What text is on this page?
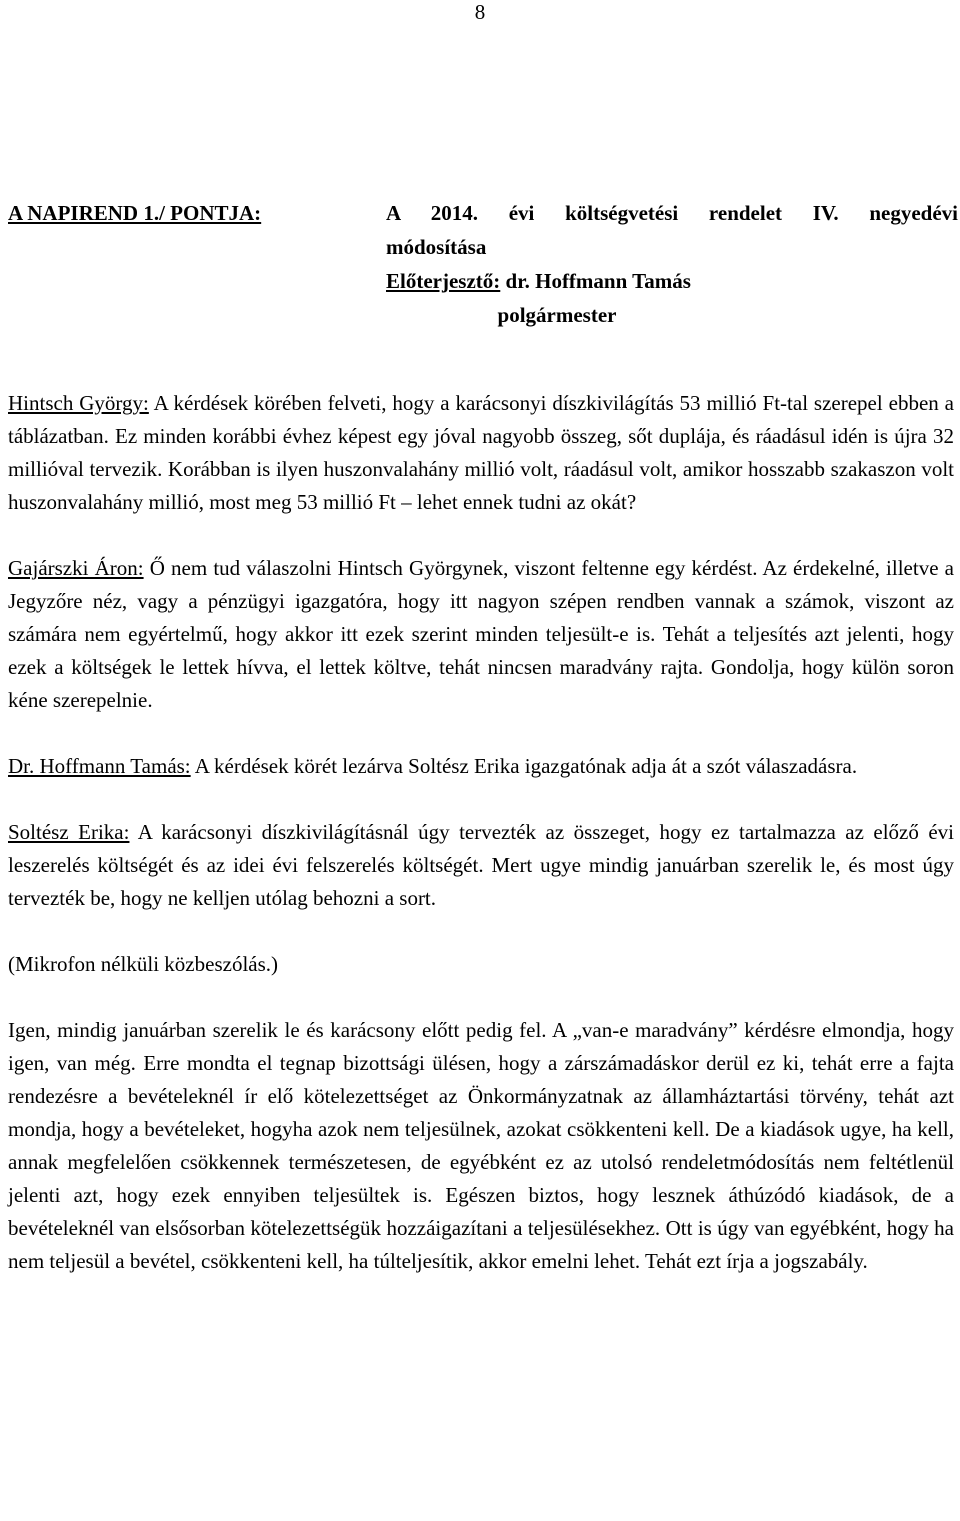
8
A NAPIREND 1./ PONTJA:	A 2014. évi költségvetési rendelet IV. negyedévi
módosítása
Előterjesztő: dr. Hoffmann Tamás
polgármester

Hintsch György: A kérdések körében felveti, hogy a karácsonyi díszkivilágítás 53 millió Ft-tal szerepel ebben a táblázatban. Ez minden korábbi évhez képest egy jóval nagyobb összeg, sőt duplája, és ráadásul idén is újra 32 millióval tervezik. Korábban is ilyen huszonvalahány millió volt, ráadásul volt, amikor hosszabb szakaszon volt huszonvalahány millió, most meg 53 millió Ft – lehet ennek tudni az okát?

Gajárszki Áron: Ő nem tud válaszolni Hintsch Györgynek, viszont feltenne egy kérdést. Az érdekelné, illetve a Jegyzőre néz, vagy a pénzügyi igazgatóra, hogy itt nagyon szépen rendben vannak a számok, viszont az számára nem egyértelmű, hogy akkor itt ezek szerint minden teljesült-e is. Tehát a teljesítés azt jelenti, hogy ezek a költségek le lettek hívva, el lettek költve, tehát nincsen maradvány rajta. Gondolja, hogy külön soron kéne szerepelnie.

Dr. Hoffmann Tamás: A kérdések körét lezárva Soltész Erika igazgatónak adja át a szót válaszadásra.

Soltész Erika: A karácsonyi díszkivilágításnál úgy tervezték az összeget, hogy ez tartalmazza az előző évi leszerelés költségét és az idei évi felszerelés költségét. Mert ugye mindig januárban szerelik le, és most úgy tervezték be, hogy ne kelljen utólag behozni a sort.

(Mikrofon nélküli közbeszólás.)

Igen, mindig januárban szerelik le és karácsony előtt pedig fel. A „van-e maradvány” kérdésre elmondja, hogy igen, van még. Erre mondta el tegnap bizottsági ülésen, hogy a zárszámadáskor derül ez ki, tehát erre a fajta rendezésre a bevételeknél ír elő kötelezettséget az Önkormányzatnak az államháztartási törvény, tehát azt mondja, hogy a bevételeket, hogyha azok nem teljesülnek, azokat csökkenteni kell. De a kiadások ugye, ha kell, annak megfelelően csökkennek természetesen, de egyébként ez az utolsó rendeletmódosítás nem feltétlenül jelenti azt, hogy ezek ennyiben teljesültek is. Egészen biztos, hogy lesznek áthúzódó kiadások, de a bevételeknél van elsősorban kötelezettségük hozzáigazítani a teljesülésekhez. Ott is úgy van egyébként, hogy ha nem teljesül a bevétel, csökkenteni kell, ha túlteljesítik, akkor emelni lehet. Tehát ezt írja a jogszabály.
